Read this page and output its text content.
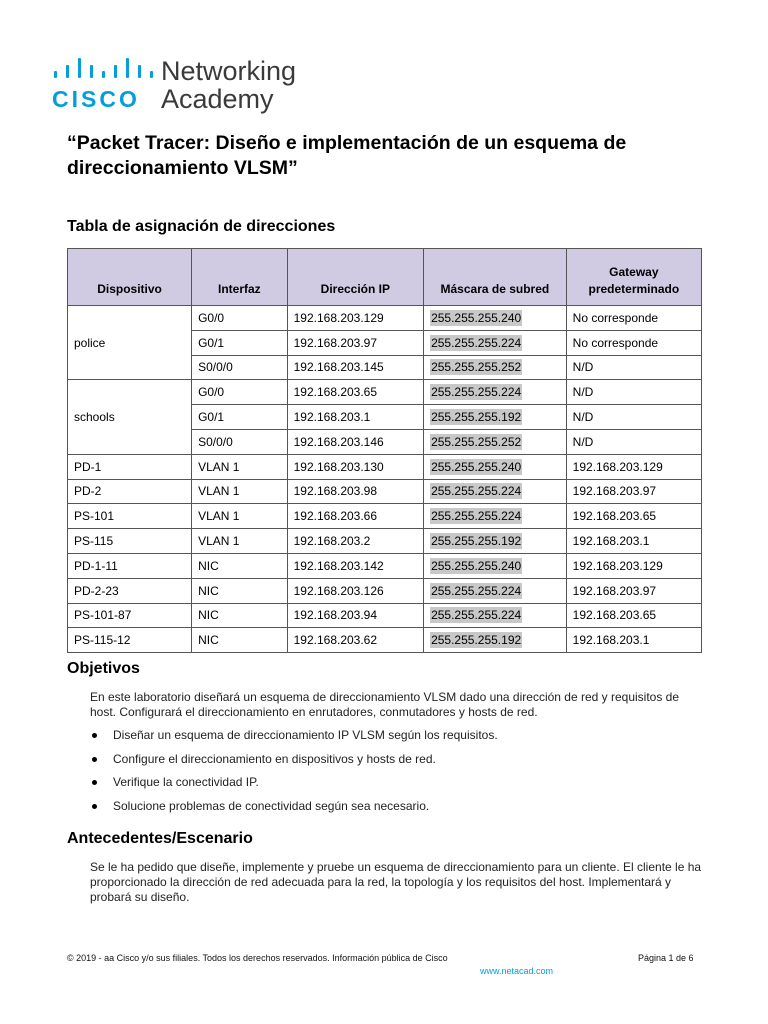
CISCO
Networking
Academy
“Packet Tracer: Diseño e implementación de un esquema de direccionamiento VLSM”
Tabla de asignación de direcciones
Dispositivo	Interfaz	Dirección IP	Máscara de subred	Gateway predeterminado
police	G0/0	192.168.203.129	255.255.255.240	No corresponde
	G0/1	192.168.203.97	255.255.255.224	No corresponde
	S0/0/0	192.168.203.145	255.255.255.252	N/D
schools	G0/0	192.168.203.65	255.255.255.224	N/D
	G0/1	192.168.203.1	255.255.255.192	N/D
	S0/0/0	192.168.203.146	255.255.255.252	N/D
PD-1	VLAN 1	192.168.203.130	255.255.255.240	192.168.203.129
PD-2	VLAN 1	192.168.203.98	255.255.255.224	192.168.203.97
PS-101	VLAN 1	192.168.203.66	255.255.255.224	192.168.203.65
PS-115	VLAN 1	192.168.203.2	255.255.255.192	192.168.203.1
PD-1-11	NIC	192.168.203.142	255.255.255.240	192.168.203.129
PD-2-23	NIC	192.168.203.126	255.255.255.224	192.168.203.97
PS-101-87	NIC	192.168.203.94	255.255.255.224	192.168.203.65
PS-115-12	NIC	192.168.203.62	255.255.255.192	192.168.203.1
Objetivos
En este laboratorio diseñará un esquema de direccionamiento VLSM dado una dirección de red y requisitos de host. Configurará el direccionamiento en enrutadores, conmutadores y hosts de red.
Diseñar un esquema de direccionamiento IP VLSM según los requisitos.
Configure el direccionamiento en dispositivos y hosts de red.
Verifique la conectividad IP.
Solucione problemas de conectividad según sea necesario.
Antecedentes/Escenario
Se le ha pedido que diseñe, implemente y pruebe un esquema de direccionamiento para un cliente. El cliente le ha proporcionado la dirección de red adecuada para la red, la topología y los requisitos del host. Implementará y probará su diseño.
© 2019 - aa Cisco y/o sus filiales. Todos los derechos reservados. Información pública de Cisco	Página 1 de 6
www.netacad.com
